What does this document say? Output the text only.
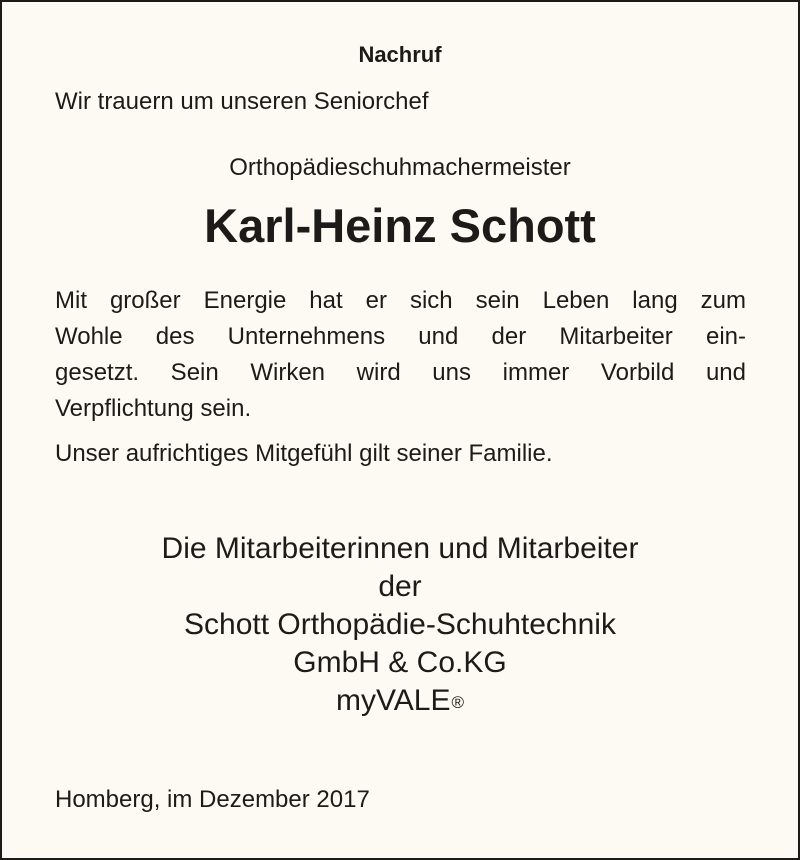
Nachruf
Wir trauern um unseren Seniorchef
Orthopädieschuhmachermeister
Karl-Heinz Schott
Mit großer Energie hat er sich sein Leben lang zum
Wohle des Unternehmens und der Mitarbeiter ein-
gesetzt. Sein Wirken wird uns immer Vorbild und
Verpflichtung sein.
Unser aufrichtiges Mitgefühl gilt seiner Familie.
Die Mitarbeiterinnen und Mitarbeiter
der
Schott Orthopädie-Schuhtechnik
GmbH & Co.KG
myVALE®
Homberg, im Dezember 2017
